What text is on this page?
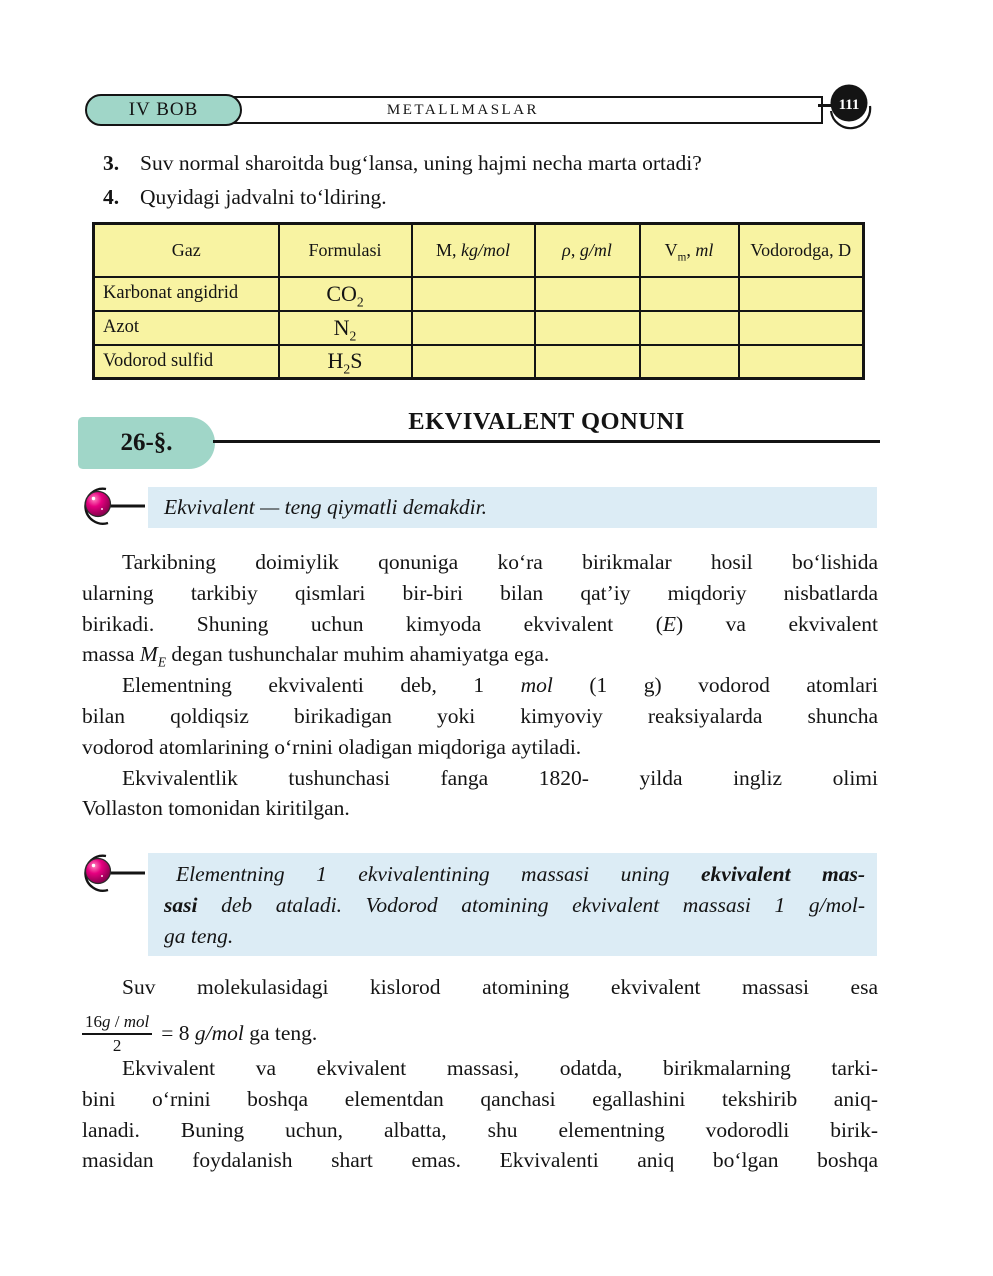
METALLMASLAR
IV BOB	111
3. Suv normal sharoitda bugʻlansa, uning hajmi necha marta ortadi?
4. Quyidagi jadvalni toʻldiring.
Gaz	Formulasi	M, kg/mol	ρ, g/ml	$V_m$, ml	Vodorodga, D
Karbonat angidrid	$CO_2$				
Azot	$N_2$				
Vodorod sulfid	$H_2S$				
26-§.
EKVIVALENT QONUNI
Ekvivalent — teng qiymatli demakdir.
Tarkibning doimiylik qonuniga koʻra birikmalar hosil boʻlishida
ularning tarkibiy qismlari bir-biri bilan qat’iy miqdoriy nisbatlarda
birikadi. Shuning uchun kimyoda ekvivalent (E) va ekvivalent
massa $M_E$ degan tushunchalar muhim ahamiyatga ega.
Elementning ekvivalenti deb, 1 mol (1 g) vodorod atomlari
bilan qoldiqsiz birikadigan yoki kimyoviy reaksiyalarda shuncha
vodorod atomlarining oʻrnini oladigan miqdoriga aytiladi.
Ekvivalentlik tushunchasi fanga 1820- yilda ingliz olimi
Vollaston tomonidan kiritilgan.
Elementning 1 ekvivalentining massasi uning ekvivalent mas-
sasi deb ataladi. Vodorod atomining ekvivalent massasi 1 g/mol-
ga teng.
Suv molekulasidagi kislorod atomining ekvivalent massasi esa
$\frac{\text{16g / mol}}{2} = 8$ g/mol ga teng.
Ekvivalent va ekvivalent massasi, odatda, birikmalarning tarki-
bini oʻrnini boshqa elementdan qanchasi egallashini tekshirib aniq-
lanadi. Buning uchun, albatta, shu elementning vodorodli birik-
masidan foydalanish shart emas. Ekvivalenti aniq boʻlgan boshqa
